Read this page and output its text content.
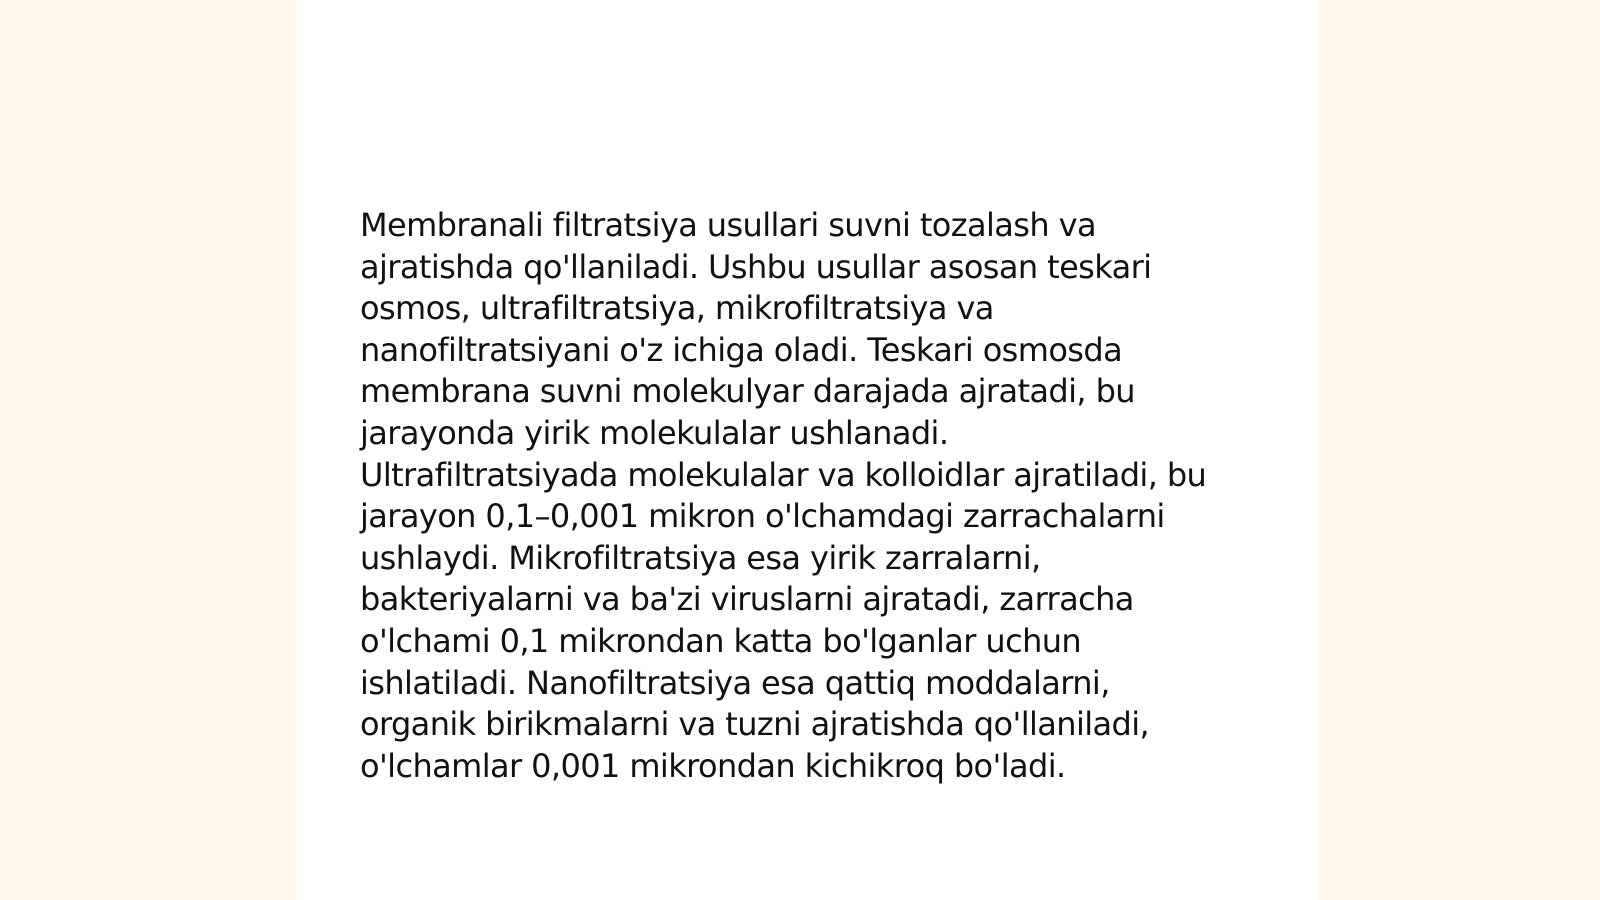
Membranali filtratsiya usullari suvni tozalash va ajratishda qo'llaniladi. Ushbu usullar asosan teskari osmos, ultrafiltratsiya, mikrofiltratsiya va nanofiltratsiyani o'z ichiga oladi. Teskari osmosda membrana suvni molekulyar darajada ajratadi, bu jarayonda yirik molekulalar ushlanadi. Ultrafiltratsiyada molekulalar va kolloidlar ajratiladi, bu jarayon 0,1–0,001 mikron o'lchamdagi zarrachalarni ushlaydi. Mikrofiltratsiya esa yirik zarralarni, bakteriyalarni va ba'zi viruslarni ajratadi, zarracha o'lchami 0,1 mikrondan katta bo'lganlar uchun ishlatiladi. Nanofiltratsiya esa qattiq moddalarni, organik birikmalarni va tuzni ajratishda qo'llaniladi, o'lchamlar 0,001 mikrondan kichikroq bo'ladi.
